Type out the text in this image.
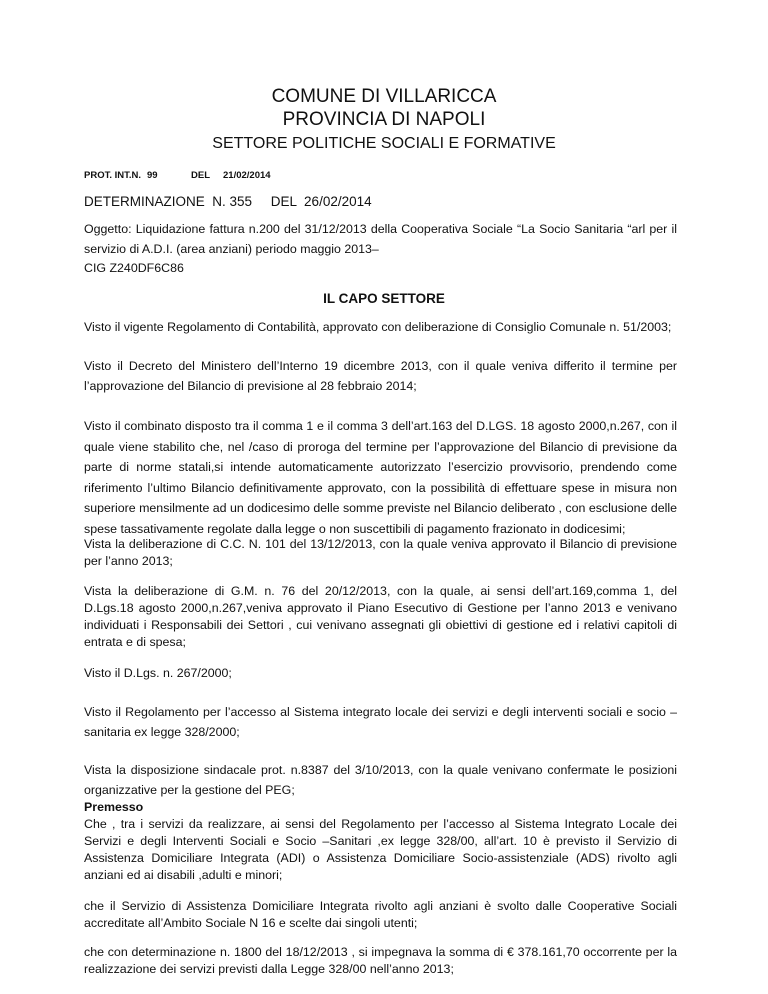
COMUNE DI VILLARICCA
PROVINCIA DI NAPOLI
SETTORE POLITICHE SOCIALI E FORMATIVE
PROT. INT.N. 99	DEL 21/02/2014
DETERMINAZIONE  N. 355     DEL  26/02/2014

Oggetto: Liquidazione fattura n.200 del 31/12/2013 della Cooperativa Sociale “La Socio Sanitaria “arl per il servizio di A.D.I. (area anziani) periodo maggio 2013–

CIG Z240DF6C86

IL CAPO SETTORE
Visto il vigente Regolamento di Contabilità, approvato con deliberazione di Consiglio Comunale n. 51/2003;
Visto il Decreto del Ministero dell’Interno 19 dicembre 2013, con il quale veniva differito il termine per l’approvazione del Bilancio di previsione al 28 febbraio 2014;
Visto il combinato disposto tra il comma 1 e il comma 3 dell’art.163 del D.LGS. 18 agosto 2000,n.267, con il quale viene stabilito che, nel /caso di proroga del termine per l’approvazione del Bilancio di previsione da parte di norme statali,si intende automaticamente autorizzato l’esercizio provvisorio, prendendo come riferimento l’ultimo Bilancio definitivamente approvato, con la possibilità di effettuare spese in misura non superiore mensilmente ad un dodicesimo delle somme previste nel Bilancio deliberato , con esclusione delle spese tassativamente regolate dalla legge o non suscettibili di pagamento frazionato in dodicesimi;
Vista la deliberazione di C.C. N. 101 del 13/12/2013, con la quale veniva approvato il Bilancio di previsione per l’anno 2013;
Vista la deliberazione di G.M. n. 76 del 20/12/2013, con la quale, ai sensi dell’art.169,comma 1, del D.Lgs.18 agosto 2000,n.267,veniva approvato il Piano Esecutivo di Gestione per l’anno 2013 e venivano individuati i Responsabili dei Settori , cui venivano assegnati gli obiettivi di gestione ed i relativi capitoli di entrata e di spesa;
Visto il D.Lgs. n. 267/2000;
Visto il Regolamento per l’accesso al Sistema integrato locale dei servizi e degli interventi sociali e socio – sanitaria ex legge 328/2000;
Vista la disposizione sindacale prot. n.8387 del 3/10/2013, con la quale venivano confermate le posizioni organizzative per la gestione del PEG;

Premesso

Che , tra i servizi da realizzare, ai sensi del Regolamento per l’accesso al Sistema Integrato Locale dei Servizi e degli Interventi Sociali e Socio –Sanitari ,ex legge 328/00, all’art. 10 è previsto il Servizio di Assistenza Domiciliare Integrata (ADI) o Assistenza Domiciliare Socio-assistenziale (ADS) rivolto agli anziani ed ai disabili ,adulti e minori;

che il Servizio di Assistenza Domiciliare Integrata rivolto agli anziani è svolto dalle Cooperative Sociali accreditate all’Ambito Sociale N 16 e scelte dai singoli utenti;
che con determinazione n. 1800 del 18/12/2013 , si impegnava la somma di € 378.161,70 occorrente per la realizzazione dei servizi previsti dalla Legge 328/00 nell’anno 2013;
